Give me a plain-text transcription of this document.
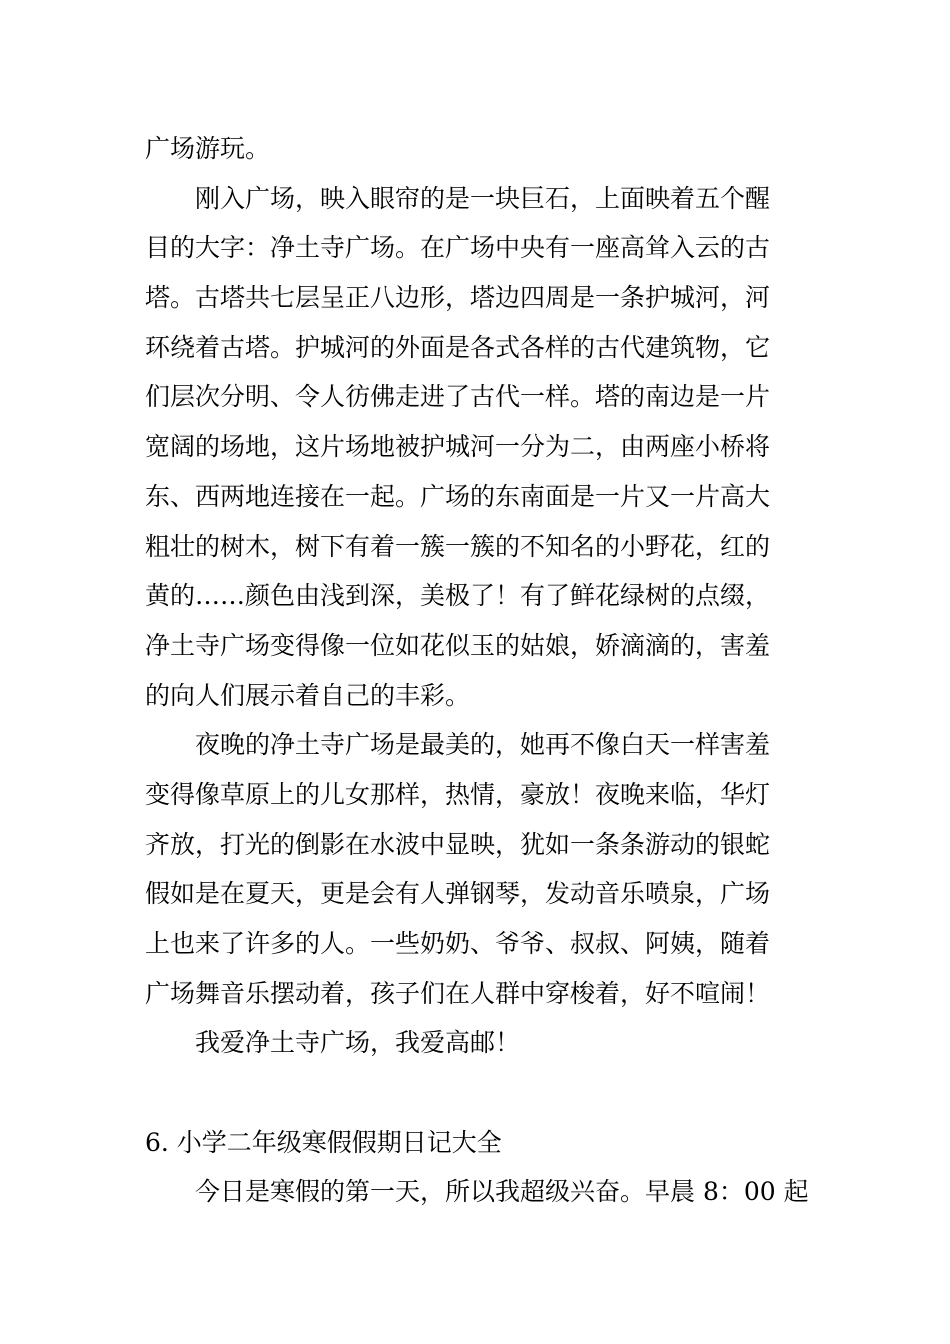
广场游玩。
刚入广场，映入眼帘的是一块巨石，上面映着五个醒
目的大字：净土寺广场。在广场中央有一座高耸入云的古
塔。古塔共七层呈正八边形，塔边四周是一条护城河，河
环绕着古塔。护城河的外面是各式各样的古代建筑物，它
们层次分明、令人彷佛走进了古代一样。塔的南边是一片
宽阔的场地，这片场地被护城河一分为二，由两座小桥将
东、西两地连接在一起。广场的东南面是一片又一片高大
粗壮的树木，树下有着一簇一簇的不知名的小野花，红的
黄的……颜色由浅到深，美极了！有了鲜花绿树的点缀，
净土寺广场变得像一位如花似玉的姑娘，娇滴滴的，害羞
的向人们展示着自己的丰彩。
夜晚的净土寺广场是最美的，她再不像白天一样害羞
变得像草原上的儿女那样，热情，豪放！夜晚来临，华灯
齐放，打光的倒影在水波中显映，犹如一条条游动的银蛇
假如是在夏天，更是会有人弹钢琴，发动音乐喷泉，广场
上也来了许多的人。一些奶奶、爷爷、叔叔、阿姨，随着
广场舞音乐摆动着，孩子们在人群中穿梭着，好不喧闹！
我爱净土寺广场，我爱高邮！
6. 小学二年级寒假假期日记大全
今日是寒假的第一天，所以我超级兴奋。早晨 8：00 起
